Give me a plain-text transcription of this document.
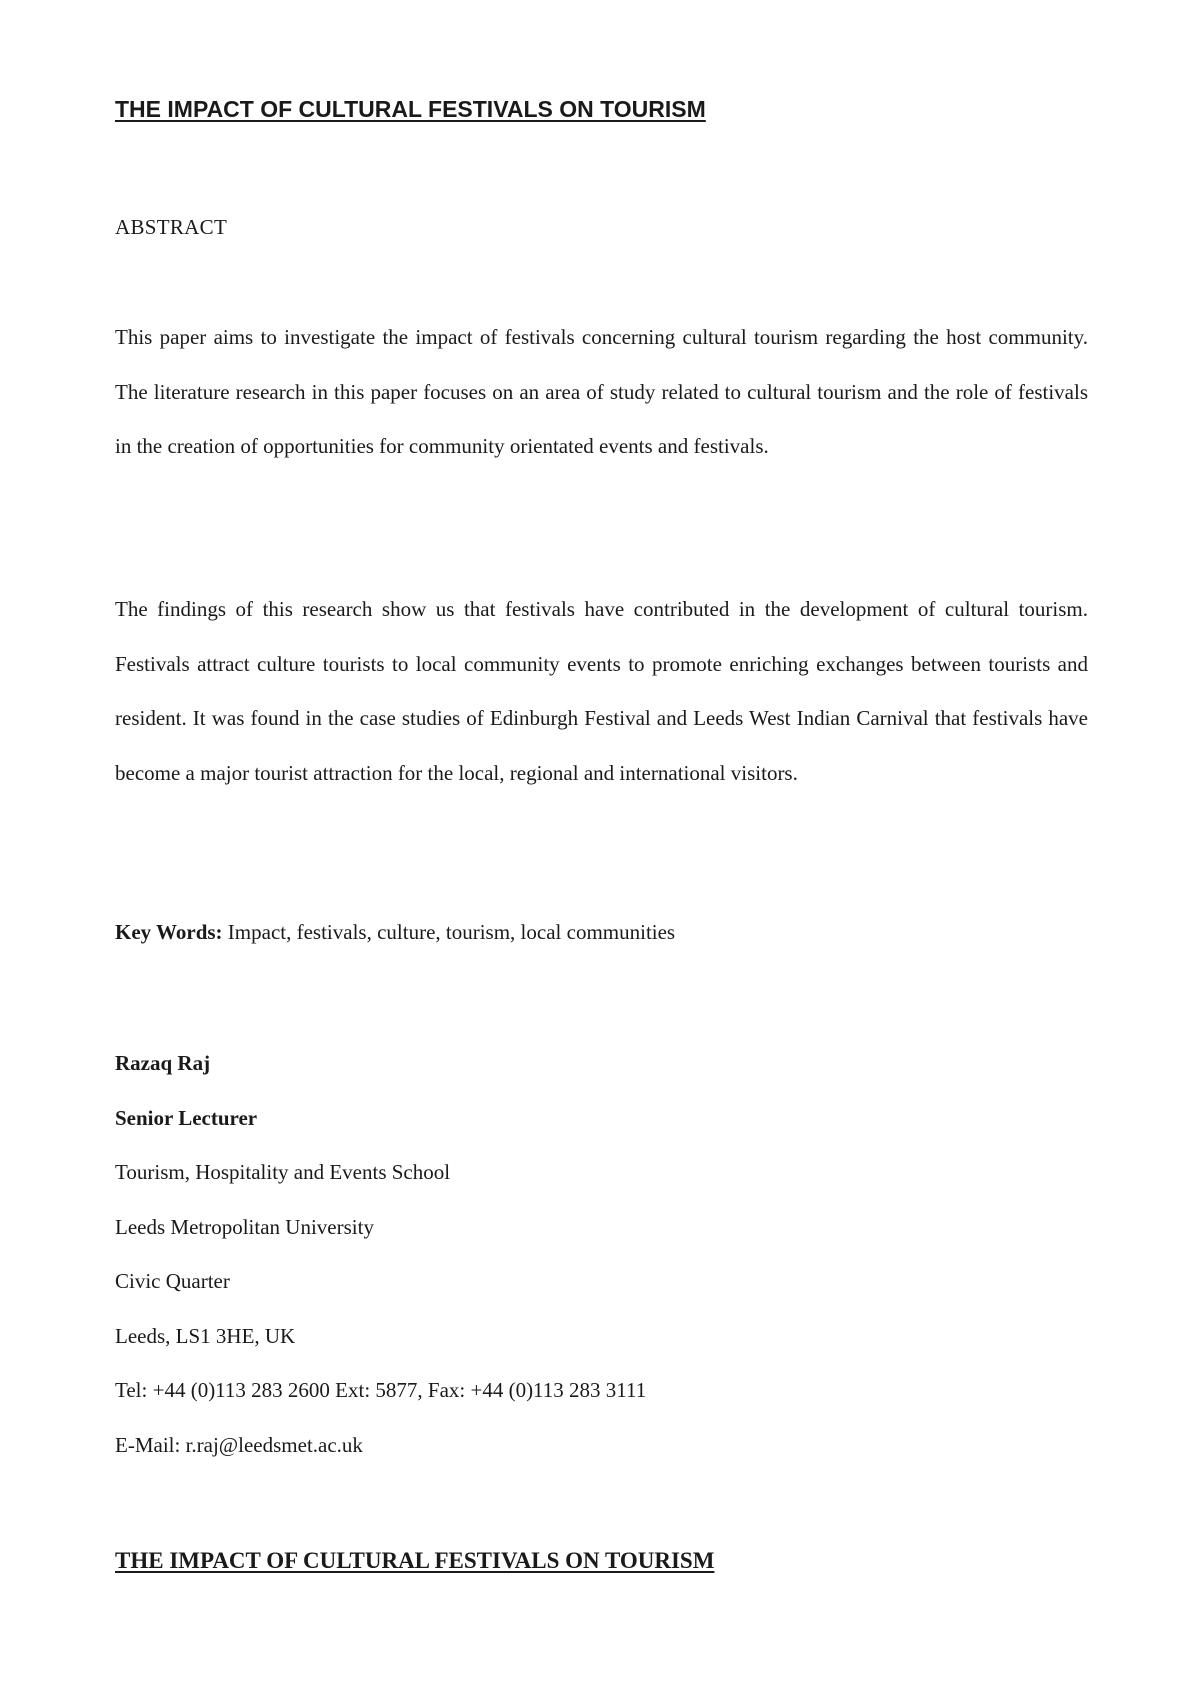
THE IMPACT OF CULTURAL FESTIVALS ON TOURISM
ABSTRACT

This paper aims to investigate the impact of festivals concerning cultural tourism regarding the host community. The literature research in this paper focuses on an area of study related to cultural tourism and the role of festivals in the creation of opportunities for community orientated events and festivals.

The findings of this research show us that festivals have contributed in the development of cultural tourism. Festivals attract culture tourists to local community events to promote enriching exchanges between tourists and resident. It was found in the case studies of Edinburgh Festival and Leeds West Indian Carnival that festivals have become a major tourist attraction for the local, regional and international visitors.

Key Words: Impact, festivals, culture, tourism, local communities

Razaq Raj
Senior Lecturer
Tourism, Hospitality and Events School
Leeds Metropolitan University
Civic Quarter
Leeds, LS1 3HE, UK
Tel: +44 (0)113 283 2600 Ext: 5877, Fax: +44 (0)113 283 3111
E-Mail: r.raj@leedsmet.ac.uk
THE IMPACT OF CULTURAL FESTIVALS ON TOURISM
